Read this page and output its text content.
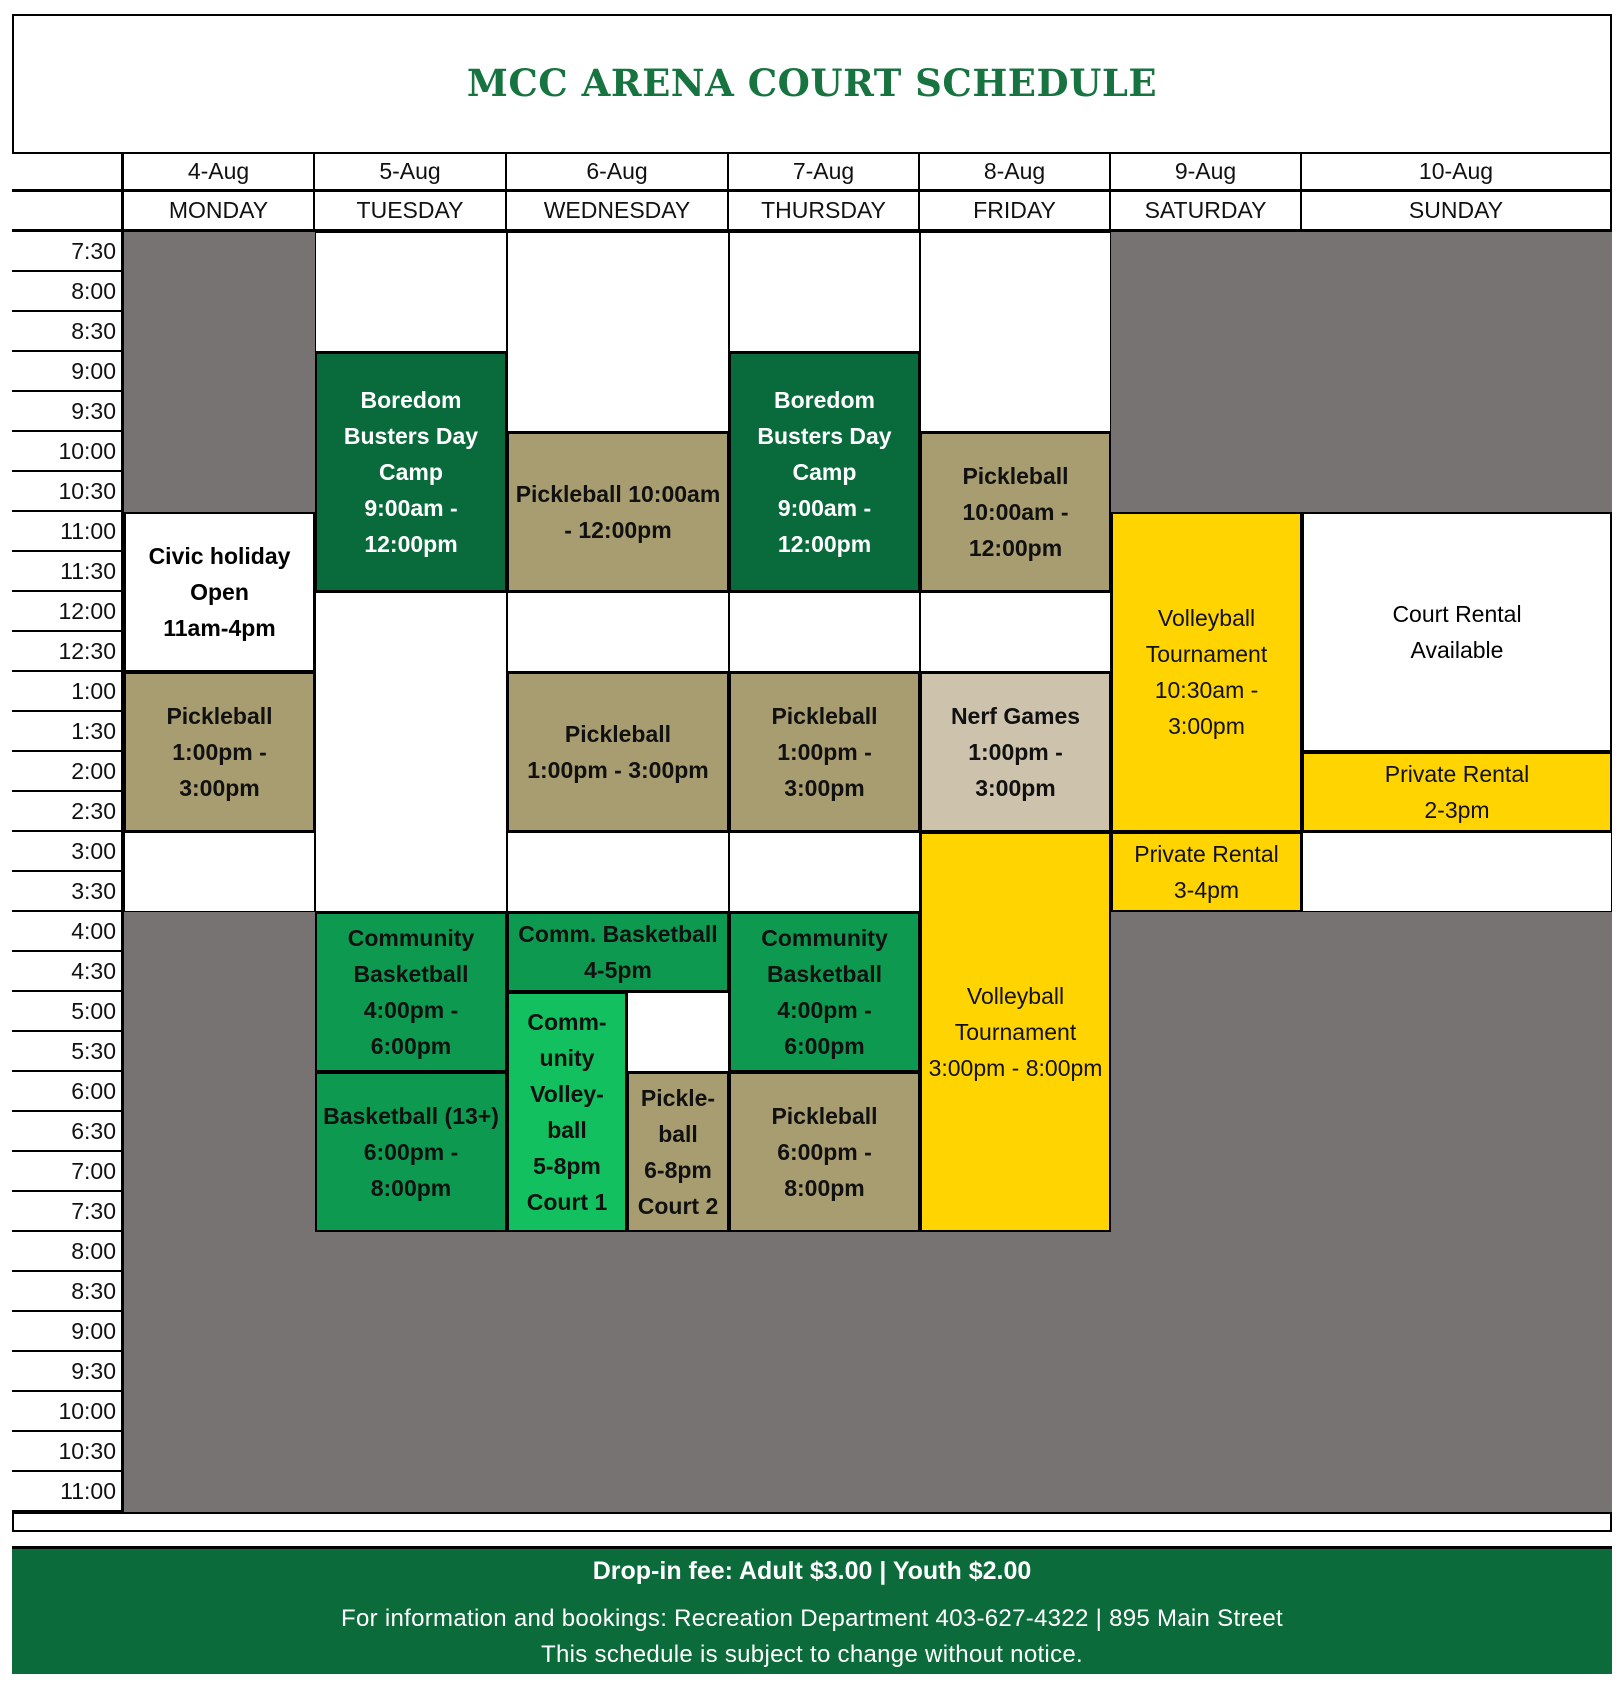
MCC ARENA COURT SCHEDULE
4-Aug
MONDAY
5-Aug
TUESDAY
6-Aug
WEDNESDAY
7-Aug
THURSDAY
8-Aug
FRIDAY
9-Aug
SATURDAY
10-Aug
SUNDAY
7:30
8:00
8:30
9:00
9:30
10:00
10:30
11:00
11:30
12:00
12:30
1:00
1:30
2:00
2:30
3:00
3:30
4:00
4:30
5:00
5:30
6:00
6:30
7:00
7:30
8:00
8:30
9:00
9:30
10:00
10:30
11:00
Civic holiday
Open
11am-4pm
Pickleball
1:00pm - 3:00pm
Boredom
Busters Day
Camp
9:00am -
12:00pm
Community
Basketball
4:00pm - 6:00pm
Basketball (13+)
6:00pm - 8:00pm
Pickleball 10:00am
- 12:00pm
Pickleball
1:00pm - 3:00pm
Comm. Basketball
4-5pm
Comm-
unity
Volley-
ball
5-8pm
Court 1
Pickle-
ball
6-8pm
Court 2
Boredom
Busters Day
Camp
9:00am -
12:00pm
Pickleball
1:00pm - 3:00pm
Community
Basketball
4:00pm - 6:00pm
Pickleball
6:00pm - 8:00pm
Pickleball
10:00am -
12:00pm
Nerf Games
1:00pm - 3:00pm
Volleyball
Tournament
3:00pm - 8:00pm
Volleyball
Tournament
10:30am -
3:00pm
Private Rental
3-4pm
Court Rental
Available
Private Rental
2-3pm
Drop-in fee: Adult $3.00 | Youth $2.00
For information and bookings: Recreation Department 403-627-4322 | 895 Main Street
This schedule is subject to change without notice.
